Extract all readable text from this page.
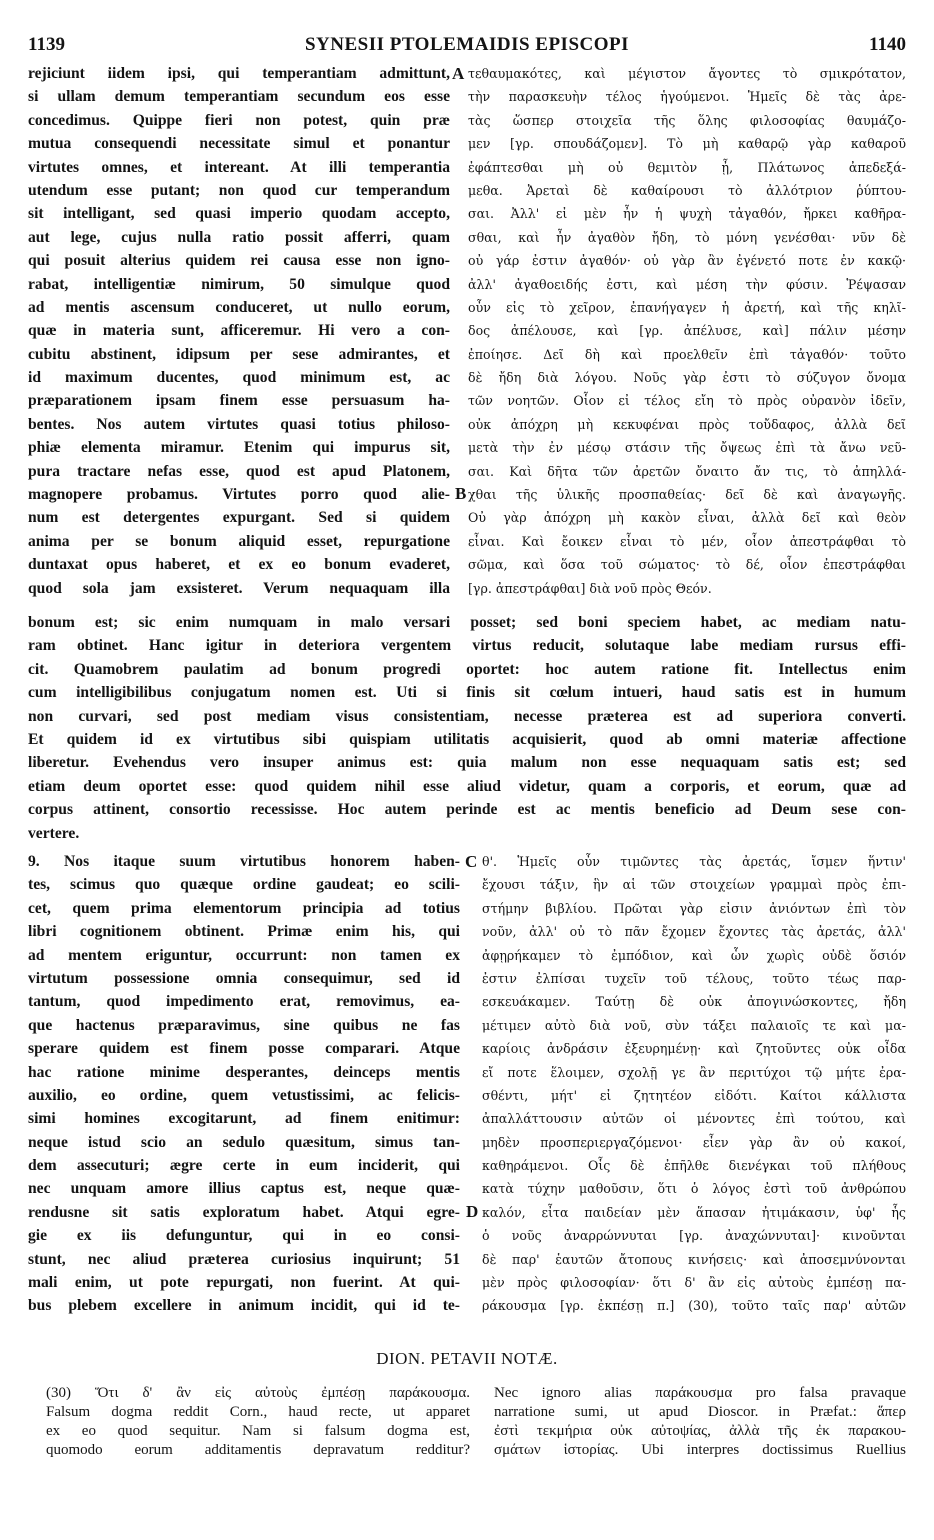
1139	SYNESII PTOLEMAIDIS EPISCOPI	1140
rejiciunt iidem ipsi, qui temperantiam admittunt,
si ullam demum temperantiam secundum eos esse
concedimus. Quippe fieri non potest, quin præ
mutua consequendi necessitate simul et ponantur
virtutes omnes, et intereant. At illi temperantia
utendum esse putant; non quod cur temperandum
sit intelligant, sed quasi imperio quodam accepto,
aut lege, cujus nulla ratio possit afferri, quam
qui posuit alterius quidem rei causa esse non igno-
rabat, intelligentiæ nimirum, 50 simulque quod
ad mentis ascensum conduceret, ut nullo eorum,
quæ in materia sunt, afficeremur. Hi vero a con-
cubitu abstinent, idipsum per sese admirantes, et
id maximum ducentes, quod minimum est, ac
præparationem ipsam finem esse persuasum ha-
bentes. Nos autem virtutes quasi totius philoso-
phiæ elementa miramur. Etenim qui impurus sit,
pura tractare nefas esse, quod est apud Platonem,
magnopere probamus. Virtutes porro quod alie-
num est detergentes expurgant. Sed si quidem
anima per se bonum aliquid esset, repurgatione
duntaxat opus haberet, et ex eo bonum evaderet,
quod sola jam exsisteret. Verum nequaquam illa
τεθαυμακότες, καὶ μέγιστον ἄγοντες τὸ σμικρότατον,
τὴν παρασκευὴν τέλος ἡγούμενοι. Ἡμεῖς δὲ τὰς ἀρε-
τὰς ὥσπερ στοιχεῖα τῆς ὅλης φιλοσοφίας θαυμάζο-
μεν [γρ. σπουδάζομεν]. Τὸ μὴ καθαρῷ γὰρ καθαροῦ
ἐφάπτεσθαι μὴ οὐ θεμιτὸν ᾖ, Πλάτωνος ἀπεδεξά-
μεθα. Ἀρεταὶ δὲ καθαίρουσι τὸ ἀλλότριον ῥύπτου-
σαι. Ἀλλ' εἰ μὲν ἦν ἡ ψυχὴ τἀγαθόν, ἤρκει καθῆρα-
σθαι, καὶ ἦν ἀγαθὸν ἤδη, τὸ μόνη γενέσθαι· νῦν δὲ
οὐ γάρ ἐστιν ἀγαθόν· οὐ γὰρ ἂν ἐγένετό ποτε ἐν κακῷ·
ἀλλ' ἀγαθοειδής ἐστι, καὶ μέση τὴν φύσιν. Ῥέψασαν
οὖν εἰς τὸ χεῖρον, ἐπανήγαγεν ἡ ἀρετή, καὶ τῆς κηλῖ-
δος ἀπέλουσε, καὶ [γρ. ἀπέλυσε, καὶ] πάλιν μέσην
ἐποίησε. Δεῖ δὴ καὶ προελθεῖν ἐπὶ τἀγαθόν· τοῦτο
δὲ ἤδη διὰ λόγου. Νοῦς γὰρ ἐστι τὸ σύζυγον ὄνομα
τῶν νοητῶν. Οἷον εἰ τέλος εἴη τὸ πρὸς οὐρανὸν ἰδεῖν,
οὐκ ἀπόχρη μὴ κεκυφέναι πρὸς τοὔδαφος, ἀλλὰ δεῖ
μετὰ τὴν ἐν μέσῳ στάσιν τῆς ὄψεως ἐπὶ τὰ ἄνω νεῦ-
σαι. Καὶ δῆτα τῶν ἀρετῶν ὄναιτο ἄν τις, τὸ ἀπηλλά-
χθαι τῆς ὑλικῆς προσπαθείας· δεῖ δὲ καὶ ἀναγωγῆς.
Οὐ γὰρ ἀπόχρη μὴ κακὸν εἶναι, ἀλλὰ δεῖ καὶ θεὸν
εἶναι. Καὶ ἔοικεν εἶναι τὸ μέν, οἷον ἀπεστράφθαι τὸ
σῶμα, καὶ ὅσα τοῦ σώματος· τὸ δέ, οἷον ἐπεστράφθαι
[γρ. ἀπεστράφθαι] διὰ νοῦ πρὸς Θεόν.
A
B
bonum est; sic enim numquam in malo versari posset; sed boni speciem habet, ac mediam natu-
ram obtinet. Hanc igitur in deteriora vergentem virtus reducit, solutaque labe mediam rursus effi-
cit. Quamobrem paulatim ad bonum progredi oportet: hoc autem ratione fit. Intellectus enim
cum intelligibilibus conjugatum nomen est. Uti si finis sit cœlum intueri, haud satis est in humum
non curvari, sed post mediam visus consistentiam, necesse præterea est ad superiora converti.
Et quidem id ex virtutibus sibi quispiam utilitatis acquisierit, quod ab omni materiæ affectione
liberetur. Evehendus vero insuper animus est: quia malum non esse nequaquam satis est; sed
etiam deum oportet esse: quod quidem nihil esse aliud videtur, quam a corporis, et eorum, quæ ad
corpus attinent, consortio recessisse. Hoc autem perinde est ac mentis beneficio ad Deum sese con-
vertere.
9. Nos itaque suum virtutibus honorem haben-
tes, scimus quo quæque ordine gaudeat; eo scili-
cet, quem prima elementorum principia ad totius
libri cognitionem obtinent. Primæ enim his, qui
ad mentem eriguntur, occurrunt: non tamen ex
virtutum possessione omnia consequimur, sed id
tantum, quod impedimento erat, removimus, ea-
que hactenus præparavimus, sine quibus ne fas
sperare quidem est finem posse comparari. Atque
hac ratione minime desperantes, deinceps mentis
auxilio, eo ordine, quem vetustissimi, ac felicis-
simi homines excogitarunt, ad finem enitimur:
neque istud scio an sedulo quæsitum, simus tan-
dem assecuturi; ægre certe in eum inciderit, qui
nec unquam amore illius captus est, neque quæ-
rendusne sit satis exploratum habet. Atqui egre-
gie ex iis defunguntur, qui in eo consi-
stunt, nec aliud præterea curiosius inquirunt; 51
mali enim, ut pote repurgati, non fuerint. At qui-
bus plebem excellere in animum incidit, qui id te-
θ'. Ἡμεῖς οὖν τιμῶντες τὰς ἀρετάς, ἴσμεν ἥντιν'
ἔχουσι τάξιν, ἣν αἱ τῶν στοιχείων γραμμαὶ πρὸς ἐπι-
στήμην βιβλίου. Πρῶται γὰρ εἰσιν ἀνιόντων ἐπὶ τὸν
νοῦν, ἀλλ' οὐ τὸ πᾶν ἔχομεν ἔχοντες τὰς ἀρετάς, ἀλλ'
ἀφῃρήκαμεν τὸ ἐμπόδιον, καὶ ὧν χωρὶς οὐδὲ ὅσιόν
ἐστιν ἐλπίσαι τυχεῖν τοῦ τέλους, τοῦτο τέως παρ-
εσκευάκαμεν. Ταύτῃ δὲ οὐκ ἀπογινώσκοντες, ἤδη
μέτιμεν αὐτὸ διὰ νοῦ, σὺν τάξει παλαιοῖς τε καὶ μα-
καρίοις ἀνδράσιν ἐξευρημένῃ· καὶ ζητοῦντες οὐκ οἶδα
εἴ ποτε ἕλοιμεν, σχολῇ γε ἂν περιτύχοι τῷ μήτε ἐρα-
σθέντι, μήτ' εἰ ζητητέον εἰδότι. Καίτοι κάλλιστα
ἀπαλλάττουσιν αὐτῶν οἱ μένοντες ἐπὶ τούτου, καὶ
μηδὲν προσπεριεργαζόμενοι· εἶεν γὰρ ἂν οὐ κακοί,
καθηράμενοι. Οἷς δὲ ἐπῆλθε διενέγκαι τοῦ πλήθους
κατὰ τύχην μαθοῦσιν, ὅτι ὁ λόγος ἐστὶ τοῦ ἀνθρώπου
καλόν, εἶτα παιδείαν μὲν ἅπασαν ἠτιμάκασιν, ὑφ' ἧς
ὁ νοῦς ἀναρρώννυται [γρ. ἀναχώννυται]· κινοῦνται
δὲ παρ' ἑαυτῶν ἄτοπους κινήσεις· καὶ ἀποσεμνύνονται
μὲν πρὸς φιλοσοφίαν· ὅτι δ' ἂν εἰς αὐτοὺς ἐμπέσῃ πα-
ράκουσμα [γρ. ἐκπέσῃ π.] (30), τοῦτο ταῖς παρ' αὐτῶν
C
D
DION. PETAVII NOTÆ.
(30) Ὅτι δ' ἂν εἰς αὐτοὺς ἐμπέσῃ παράκουσμα.
Falsum dogma reddit Corn., haud recte, ut apparet
ex eo quod sequitur. Nam si falsum dogma est,
quomodo eorum additamentis depravatum redditur?
Nec ignoro alias παράκουσμα pro falsa pravaque
narratione sumi, ut apud Dioscor. in Præfat.: ἅπερ
ἐστὶ τεκμήρια οὐκ αὐτοψίας, ἀλλὰ τῆς ἐκ παρακου-
σμάτων ἱστορίας. Ubi interpres doctissimus Ruellius
